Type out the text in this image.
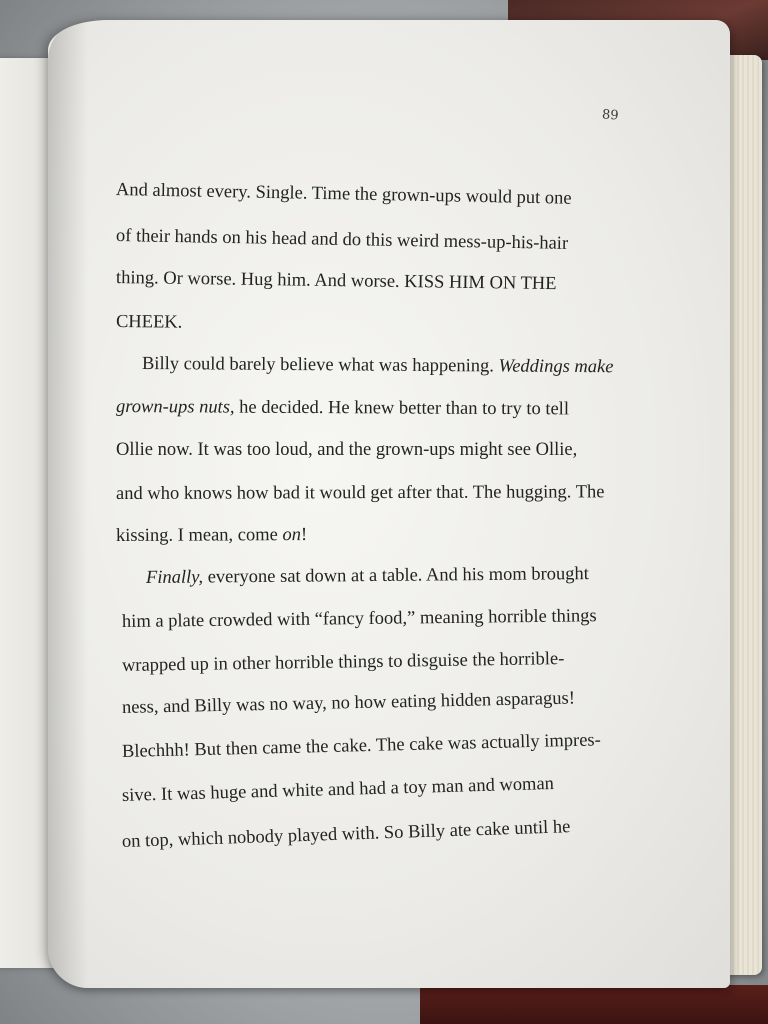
89
And almost every. Single. Time the grown-ups would put one
of their hands on his head and do this weird mess-up-his-hair
thing. Or worse. Hug him. And worse. KISS HIM ON THE
CHEEK.
Billy could barely believe what was happening. Weddings make
grown-ups nuts, he decided. He knew better than to try to tell
Ollie now. It was too loud, and the grown-ups might see Ollie,
and who knows how bad it would get after that. The hugging. The
kissing. I mean, come on!
Finally, everyone sat down at a table. And his mom brought
him a plate crowded with “fancy food,” meaning horrible things
wrapped up in other horrible things to disguise the horrible-
ness, and Billy was no way, no how eating hidden asparagus!
Blechhh! But then came the cake. The cake was actually impres-
sive. It was huge and white and had a toy man and woman
on top, which nobody played with. So Billy ate cake until he
